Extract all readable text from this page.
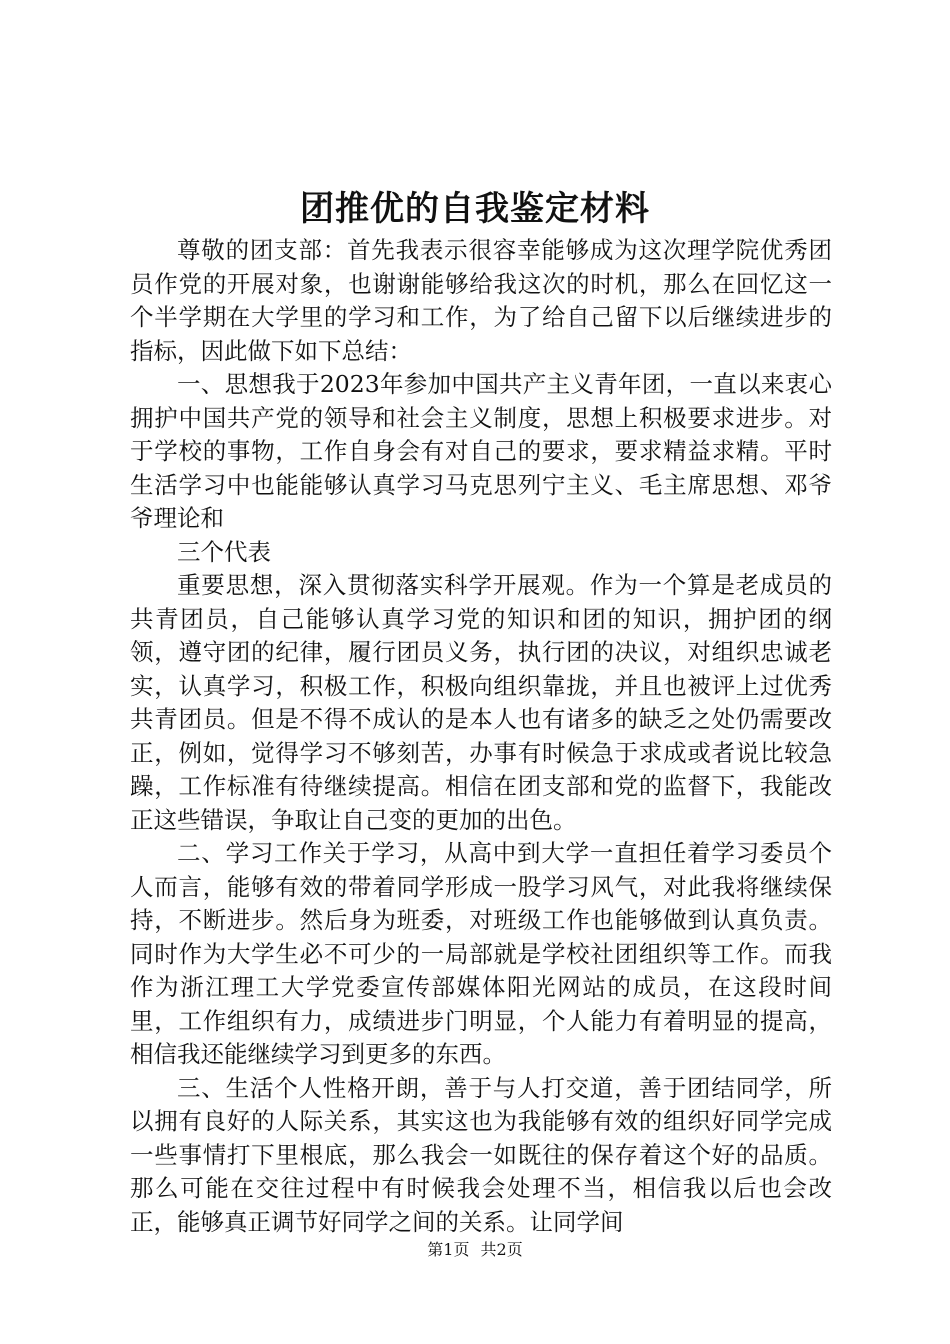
团推优的自我鉴定材料

尊敬的团支部：首先我表示很容幸能够成为这次理学院优秀团员作党的开展对象，也谢谢能够给我这次的时机，那么在回忆这一个半学期在大学里的学习和工作，为了给自己留下以后继续进步的指标，因此做下如下总结：

一、思想我于2023年参加中国共产主义青年团，一直以来衷心拥护中国共产党的领导和社会主义制度，思想上积极要求进步。对于学校的事物，工作自身会有对自己的要求，要求精益求精。平时生活学习中也能能够认真学习马克思列宁主义、毛主席思想、邓爷爷理论和

三个代表

重要思想，深入贯彻落实科学开展观。作为一个算是老成员的共青团员，自己能够认真学习党的知识和团的知识，拥护团的纲领，遵守团的纪律，履行团员义务，执行团的决议，对组织忠诚老实，认真学习，积极工作，积极向组织靠拢，并且也被评上过优秀共青团员。但是不得不成认的是本人也有诸多的缺乏之处仍需要改正，例如，觉得学习不够刻苦，办事有时候急于求成或者说比较急躁，工作标准有待继续提高。相信在团支部和党的监督下，我能改正这些错误，争取让自己变的更加的出色。

二、学习工作关于学习，从高中到大学一直担任着学习委员个人而言，能够有效的带着同学形成一股学习风气，对此我将继续保持，不断进步。然后身为班委，对班级工作也能够做到认真负责。同时作为大学生必不可少的一局部就是学校社团组织等工作。而我作为浙江理工大学党委宣传部媒体阳光网站的成员，在这段时间里，工作组织有力，成绩进步门明显，个人能力有着明显的提高，相信我还能继续学习到更多的东西。

三、生活个人性格开朗，善于与人打交道，善于团结同学，所以拥有良好的人际关系，其实这也为我能够有效的组织好同学完成一些事情打下里根底，那么我会一如既往的保存着这个好的品质。那么可能在交往过程中有时候我会处理不当，相信我以后也会改正，能够真正调节好同学之间的关系。让同学间

第1页 共2页
